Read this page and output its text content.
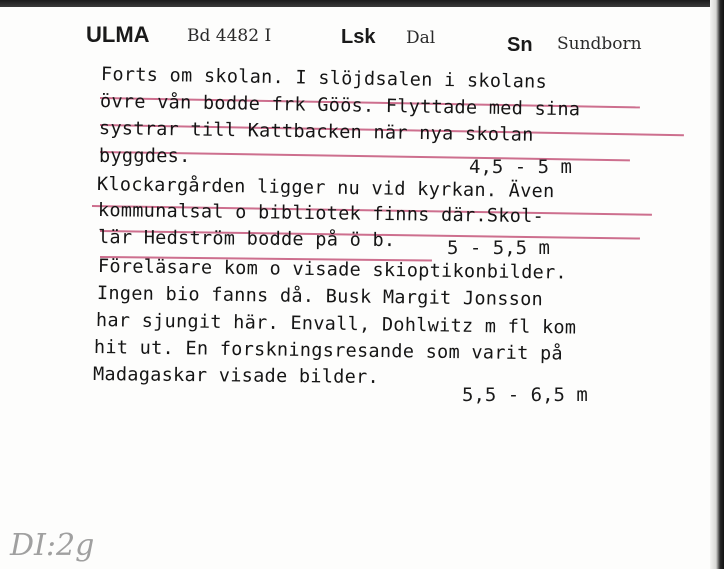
ULMA Bd 4482 I	Lsk Dal	Sn Sundborn
Forts om skolan. I slöjdsalen i skolans
övre vån bodde frk Göös. Flyttade med sina
systrar till Kattbacken när nya skolan
byggdes.
Klockargården ligger nu vid kyrkan. Även
kommunalsal o bibliotek finns där.Skol-
lär Hedström bodde på ö b.
Föreläsare kom o visade skioptikonbilder.
Ingen bio fanns då. Busk Margit Jonsson
har sjungit här. Envall, Dohlwitz m fl kom
hit ut. En forskningsresande som varit på
Madagaskar visade bilder.
4,5 - 5 m
5 - 5,5 m
5,5 - 6,5 m
DI:2g
